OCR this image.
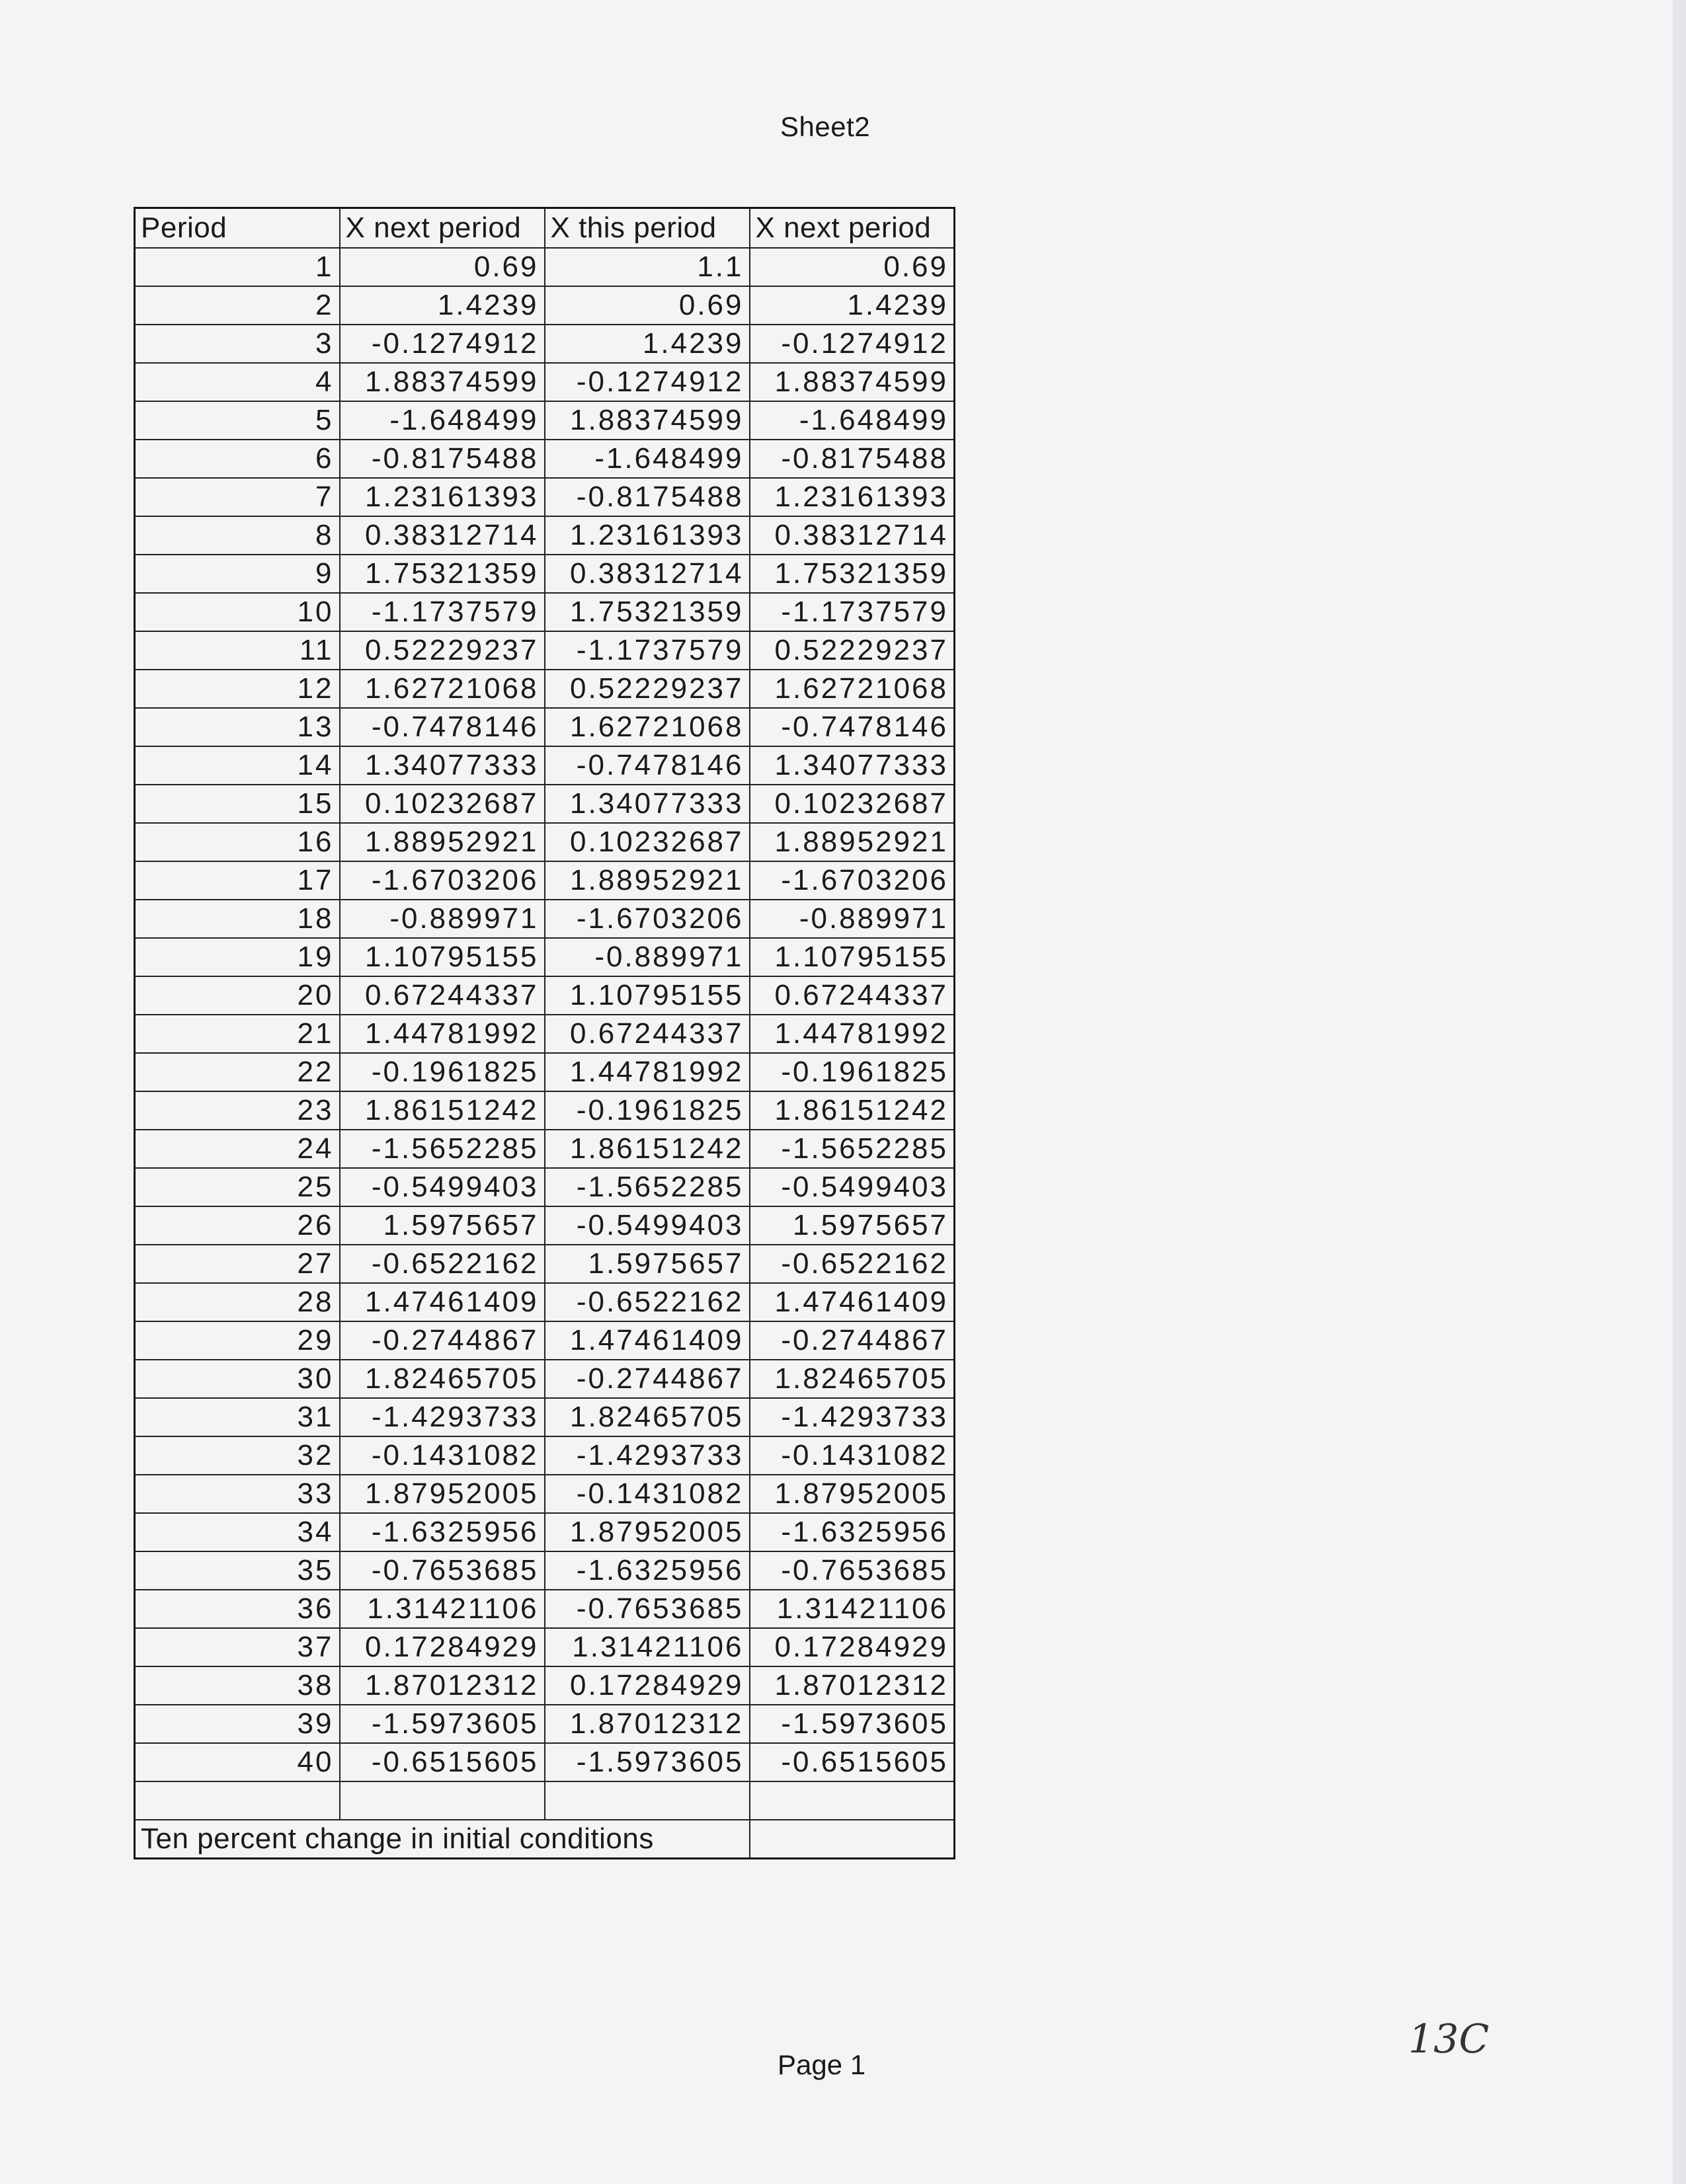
Sheet2
Period	X next period	X this period	X next period
1	0.69	1.1	0.69
2	1.4239	0.69	1.4239
3	-0.1274912	1.4239	-0.1274912
4	1.88374599	-0.1274912	1.88374599
5	-1.648499	1.88374599	-1.648499
6	-0.8175488	-1.648499	-0.8175488
7	1.23161393	-0.8175488	1.23161393
8	0.38312714	1.23161393	0.38312714
9	1.75321359	0.38312714	1.75321359
10	-1.1737579	1.75321359	-1.1737579
11	0.52229237	-1.1737579	0.52229237
12	1.62721068	0.52229237	1.62721068
13	-0.7478146	1.62721068	-0.7478146
14	1.34077333	-0.7478146	1.34077333
15	0.10232687	1.34077333	0.10232687
16	1.88952921	0.10232687	1.88952921
17	-1.6703206	1.88952921	-1.6703206
18	-0.889971	-1.6703206	-0.889971
19	1.10795155	-0.889971	1.10795155
20	0.67244337	1.10795155	0.67244337
21	1.44781992	0.67244337	1.44781992
22	-0.1961825	1.44781992	-0.1961825
23	1.86151242	-0.1961825	1.86151242
24	-1.5652285	1.86151242	-1.5652285
25	-0.5499403	-1.5652285	-0.5499403
26	1.5975657	-0.5499403	1.5975657
27	-0.6522162	1.5975657	-0.6522162
28	1.47461409	-0.6522162	1.47461409
29	-0.2744867	1.47461409	-0.2744867
30	1.82465705	-0.2744867	1.82465705
31	-1.4293733	1.82465705	-1.4293733
32	-0.1431082	-1.4293733	-0.1431082
33	1.87952005	-0.1431082	1.87952005
34	-1.6325956	1.87952005	-1.6325956
35	-0.7653685	-1.6325956	-0.7653685
36	1.31421106	-0.7653685	1.31421106
37	0.17284929	1.31421106	0.17284929
38	1.87012312	0.17284929	1.87012312
39	-1.5973605	1.87012312	-1.5973605
40	-0.6515605	-1.5973605	-0.6515605

Ten percent change in initial conditions			
Page 1
13C
